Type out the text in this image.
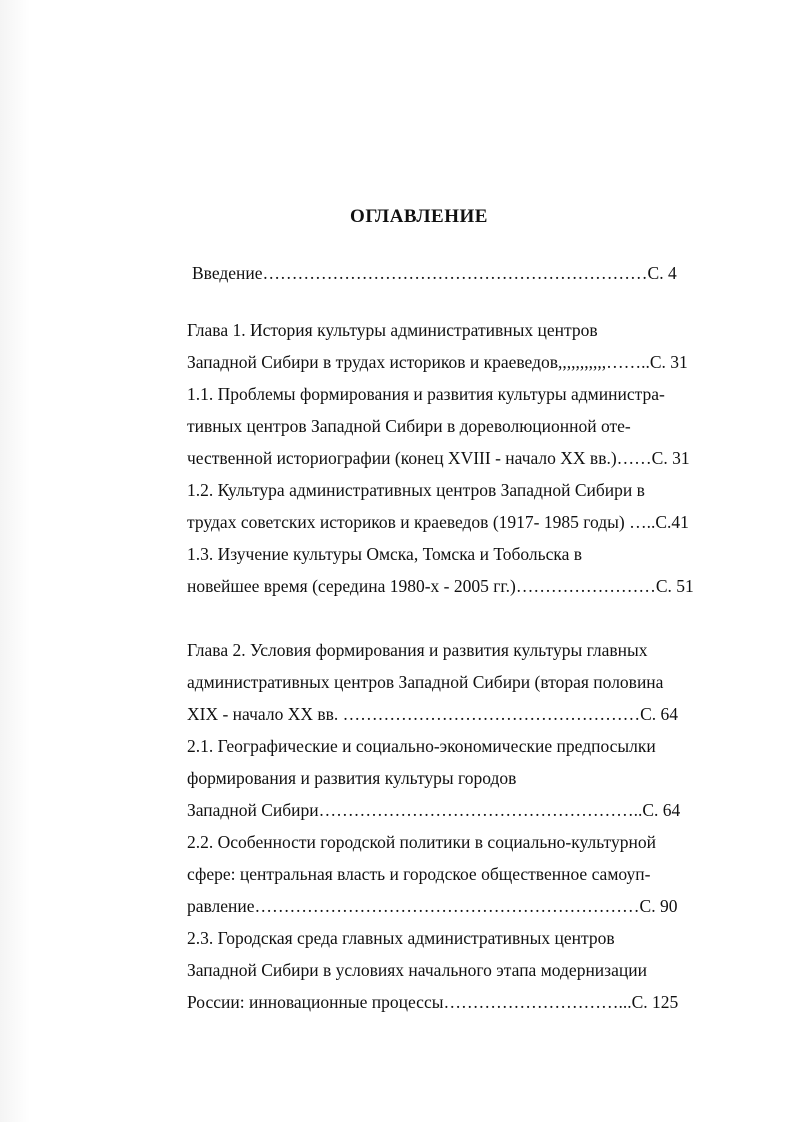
ОГЛАВЛЕНИЕ
Введение…………………………………………………………С. 4
Глава 1. История культуры административных центров
Западной Сибири в трудах историков и краеведов,,,,,,,,,,,……..С. 31
1.1. Проблемы формирования и развития культуры администра-
тивных центров Западной Сибири в дореволюционной оте-
чественной историографии (конец XVIII - начало XX вв.)……С. 31
1.2. Культура административных центров Западной Сибири в
трудах советских историков и краеведов (1917- 1985 годы) …..С.41
1.3. Изучение культуры Омска, Томска и Тобольска в
новейшее время (середина 1980-х - 2005 гг.)……………………С. 51
Глава 2. Условия формирования и развития культуры главных
административных центров Западной Сибири (вторая половина
XIX - начало XX вв. ……………………………………………С. 64
2.1. Географические и социально-экономические предпосылки
формирования и развития культуры городов
Западной Сибири………………………………………………..С. 64
2.2. Особенности городской политики в социально-культурной
сфере: центральная власть и городское общественное самоуп-
равление…………………………………………………………С. 90
2.3. Городская среда главных административных центров
Западной Сибири в условиях начального этапа модернизации
России: инновационные процессы…………………………...С. 125
